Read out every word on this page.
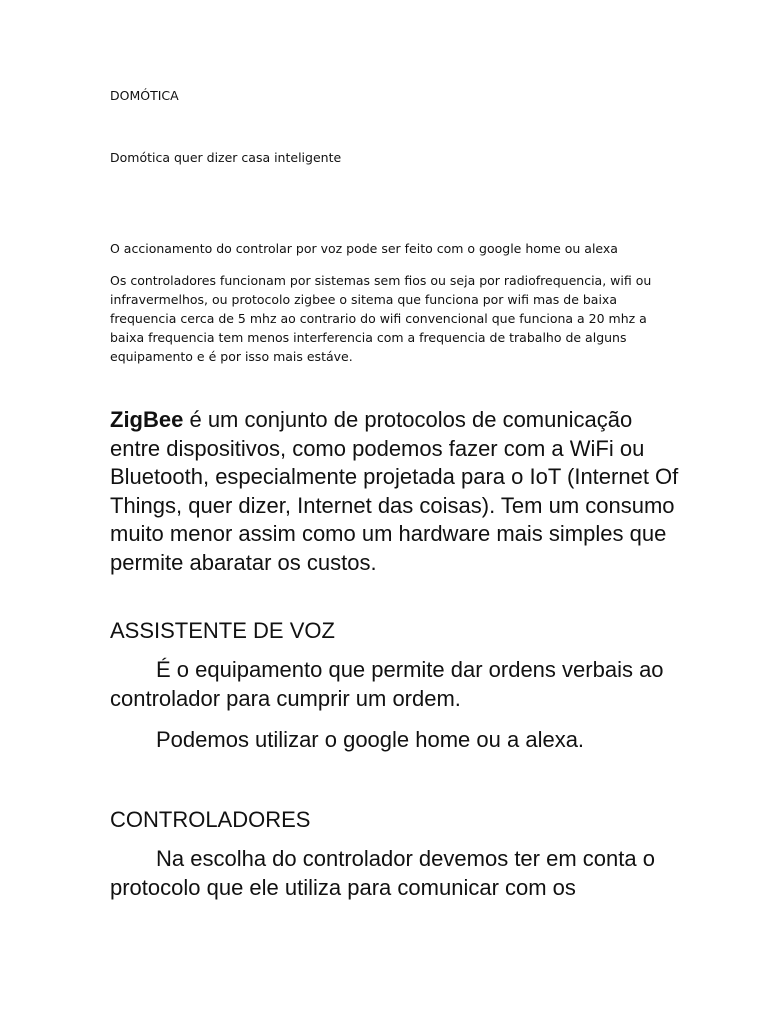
DOMÓTICA

Domótica quer dizer casa inteligente

O accionamento do controlar por voz pode ser feito com o google home ou alexa

Os controladores funcionam por sistemas sem fios ou seja por radiofrequencia, wifi ou infravermelhos, ou protocolo zigbee o sitema que funciona por wifi mas de baixa frequencia cerca de 5 mhz ao contrario do wifi convencional que funciona a 20 mhz a baixa frequencia tem menos interferencia com a frequencia de trabalho de alguns equipamento e é por isso mais estáve.

ZigBee é um conjunto de protocolos de comunicação entre dispositivos, como podemos fazer com a WiFi ou Bluetooth, especialmente projetada para o IoT (Internet Of Things, quer dizer, Internet das coisas). Tem um consumo muito menor assim como um hardware mais simples que permite abaratar os custos.

ASSISTENTE DE VOZ

É o equipamento que permite dar ordens verbais ao controlador para cumprir um ordem.

Podemos utilizar o google home ou a alexa.

CONTROLADORES

Na escolha do controlador devemos ter em conta o protocolo que ele utiliza para comunicar com os
